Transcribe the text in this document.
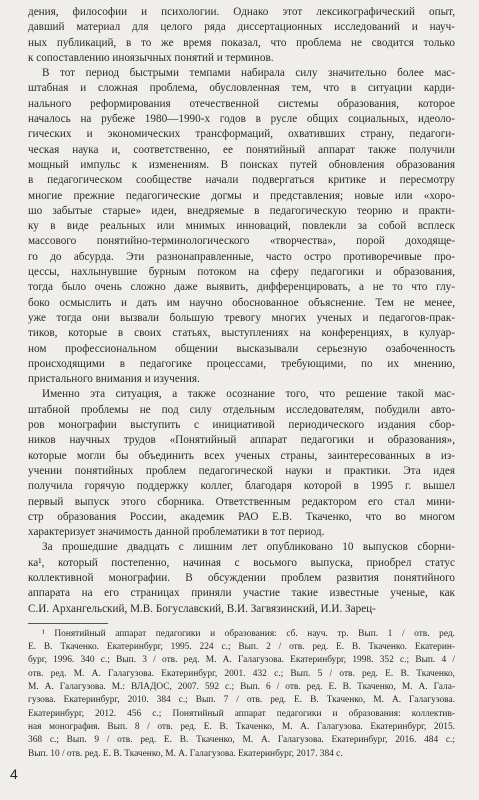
дения, философии и психологии. Однако этот лексикографический опыт,
давший материал для целого ряда диссертационных исследований и науч-
ных публикаций, в то же время показал, что проблема не сводится только
к сопоставлению иноязычных понятий и терминов.
В тот период быстрыми темпами набирала силу значительно более мас-
штабная и сложная проблема, обусловленная тем, что в ситуации карди-
нального реформирования отечественной системы образования, которое
началось на рубеже 1980—1990-х годов в русле общих социальных, идеоло-
гических и экономических трансформаций, охвативших страну, педагоги-
ческая наука и, соответственно, ее понятийный аппарат также получили
мощный импульс к изменениям. В поисках путей обновления образования
в педагогическом сообществе начали подвергаться критике и пересмотру
многие прежние педагогические догмы и представления; новые или «хоро-
шо забытые старые» идеи, внедряемые в педагогическую теорию и практи-
ку в виде реальных или мнимых инноваций, повлекли за собой всплеск
массового понятийно-терминологического «творчества», порой доходяще-
го до абсурда. Эти разнонаправленные, часто остро противоречивые про-
цессы, нахлынувшие бурным потоком на сферу педагогики и образования,
тогда было очень сложно даже выявить, дифференцировать, а не то что глу-
боко осмыслить и дать им научно обоснованное объяснение. Тем не менее,
уже тогда они вызвали большую тревогу многих ученых и педагогов-прак-
тиков, которые в своих статьях, выступлениях на конференциях, в кулуар-
ном профессиональном общении высказывали серьезную озабоченность
происходящими в педагогике процессами, требующими, по их мнению,
пристального внимания и изучения.
Именно эта ситуация, а также осознание того, что решение такой мас-
штабной проблемы не под силу отдельным исследователям, побудили авто-
ров монографии выступить с инициативой периодического издания сбор-
ников научных трудов «Понятийный аппарат педагогики и образования»,
которые могли бы объединить всех ученых страны, заинтересованных в из-
учении понятийных проблем педагогической науки и практики. Эта идея
получила горячую поддержку коллег, благодаря которой в 1995 г. вышел
первый выпуск этого сборника. Ответственным редактором его стал мини-
стр образования России, академик РАО Е.В. Ткаченко, что во многом
характеризует значимость данной проблематики в тот период.
За прошедшие двадцать с лишним лет опубликовано 10 выпусков сборни-
ка¹, который постепенно, начиная с восьмого выпуска, приобрел статус
коллективной монографии. В обсуждении проблем развития понятийного
аппарата на его страницах приняли участие такие известные ученые, как
С.И. Архангельский, М.В. Богуславский, В.И. Загвязинский, И.И. Зарец-
¹ Понятийный аппарат педагогики и образования: сб. науч. тр. Вып. 1 / отв. ред.
Е. В. Ткаченко. Екатеринбург, 1995. 224 с.; Вып. 2 / отв. ред. Е. В. Ткаченко. Екатерин-
бург, 1996. 340 с.; Вып. 3 / отв. ред. М. А. Галагузова. Екатеринбург, 1998. 352 с.; Вып. 4 /
отв. ред. М. А. Галагузова. Екатеринбург, 2001. 432 с.; Вып. 5 / отв. ред. Е. В. Ткаченко,
М. А. Галагузова. М.: ВЛАДОС, 2007. 592 с.; Вып. 6 / отв. ред. Е. В. Ткаченко, М. А. Гала-
гузова. Екатеринбург, 2010. 384 с.; Вып. 7 / отв. ред. Е. В. Ткаченко, М. А. Галагузова.
Екатеринбург, 2012. 456 с.; Понятийный аппарат педагогики и образования: коллектив-
ная монография. Вып. 8 / отв. ред. Е. В. Ткаченко, М. А. Галагузова. Екатеринбург, 2015.
368 с.; Вып. 9 / отв. ред. Е. В. Ткаченко, М. А. Галагузова. Екатеринбург, 2016. 484 с.;
Вып. 10 / отв. ред. Е. В. Ткаченко, М. А. Галагузова. Екатеринбург, 2017. 384 с.
4
